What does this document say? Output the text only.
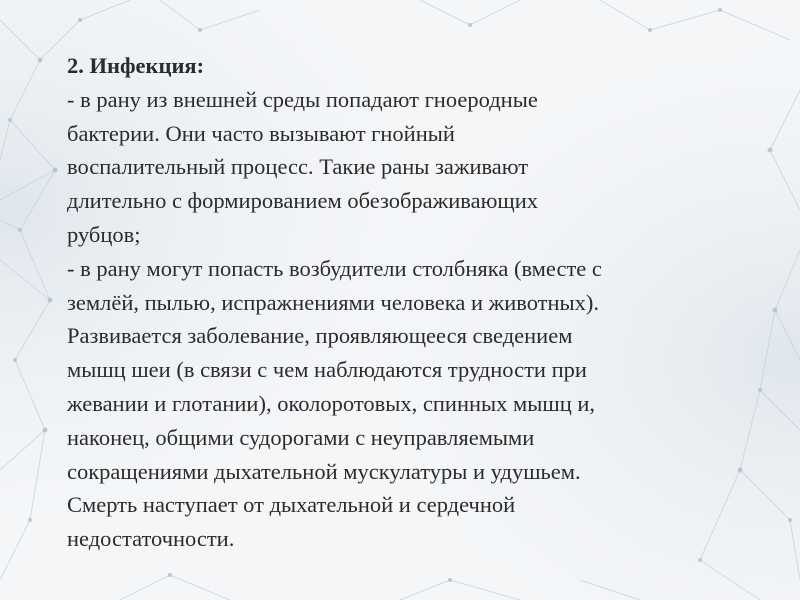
2. Инфекция:
- в рану из внешней среды попадают гноеродные
бактерии. Они часто вызывают гнойный
воспалительный процесс. Такие раны заживают
длительно с формированием обезображивающих
рубцов;
- в рану могут попасть возбудители столбняка (вместе с
землёй, пылью, испражнениями человека и животных).
Развивается заболевание, проявляющееся сведением
мышц шеи (в связи с чем наблюдаются трудности при
жевании и глотании), околоротовых, спинных мышц и,
наконец, общими судорогами с неуправляемыми
сокращениями дыхательной мускулатуры и удушьем.
Смерть наступает от дыхательной и сердечной
недостаточности.
